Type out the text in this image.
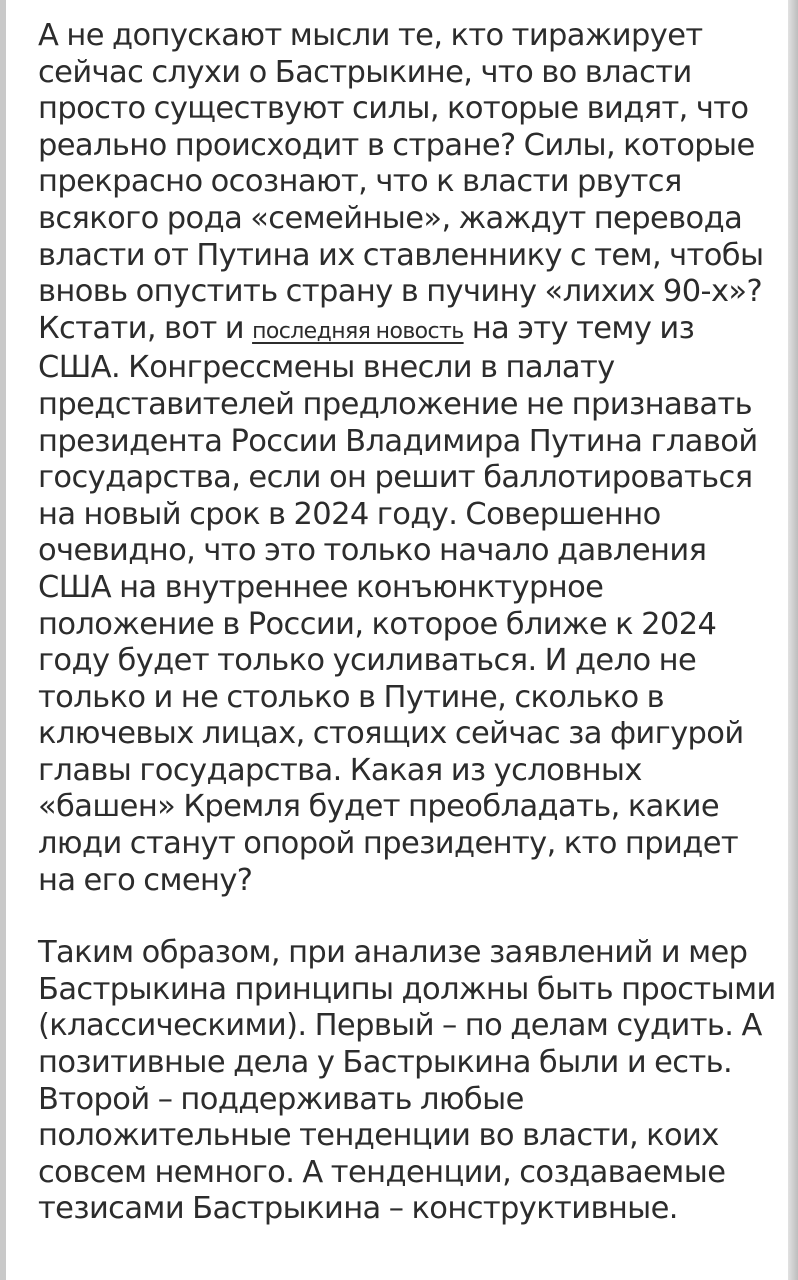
А не допускают мысли те, кто тиражирует сейчас слухи о Бастрыкине, что во власти просто существуют силы, которые видят, что реально происходит в стране? Силы, которые прекрасно осознают, что к власти рвутся всякого рода «семейные», жаждут перевода власти от Путина их ставленнику с тем, чтобы вновь опустить страну в пучину «лихих 90-х»? Кстати, вот и последняя новость на эту тему из США. Конгрессмены внесли в палату представителей предложение не признавать президента России Владимира Путина главой государства, если он решит баллотироваться на новый срок в 2024 году. Совершенно очевидно, что это только начало давления США на внутреннее конъюнктурное положение в России, которое ближе к 2024 году будет только усиливаться. И дело не только и не столько в Путине, сколько в ключевых лицах, стоящих сейчас за фигурой главы государства. Какая из условных «башен» Кремля будет преобладать, какие люди станут опорой президенту, кто придет на его смену?

Таким образом, при анализе заявлений и мер Бастрыкина принципы должны быть простыми (классическими). Первый – по делам судить. А позитивные дела у Бастрыкина были и есть. Второй – поддерживать любые положительные тенденции во власти, коих совсем немного. А тенденции, создаваемые тезисами Бастрыкина – конструктивные.
